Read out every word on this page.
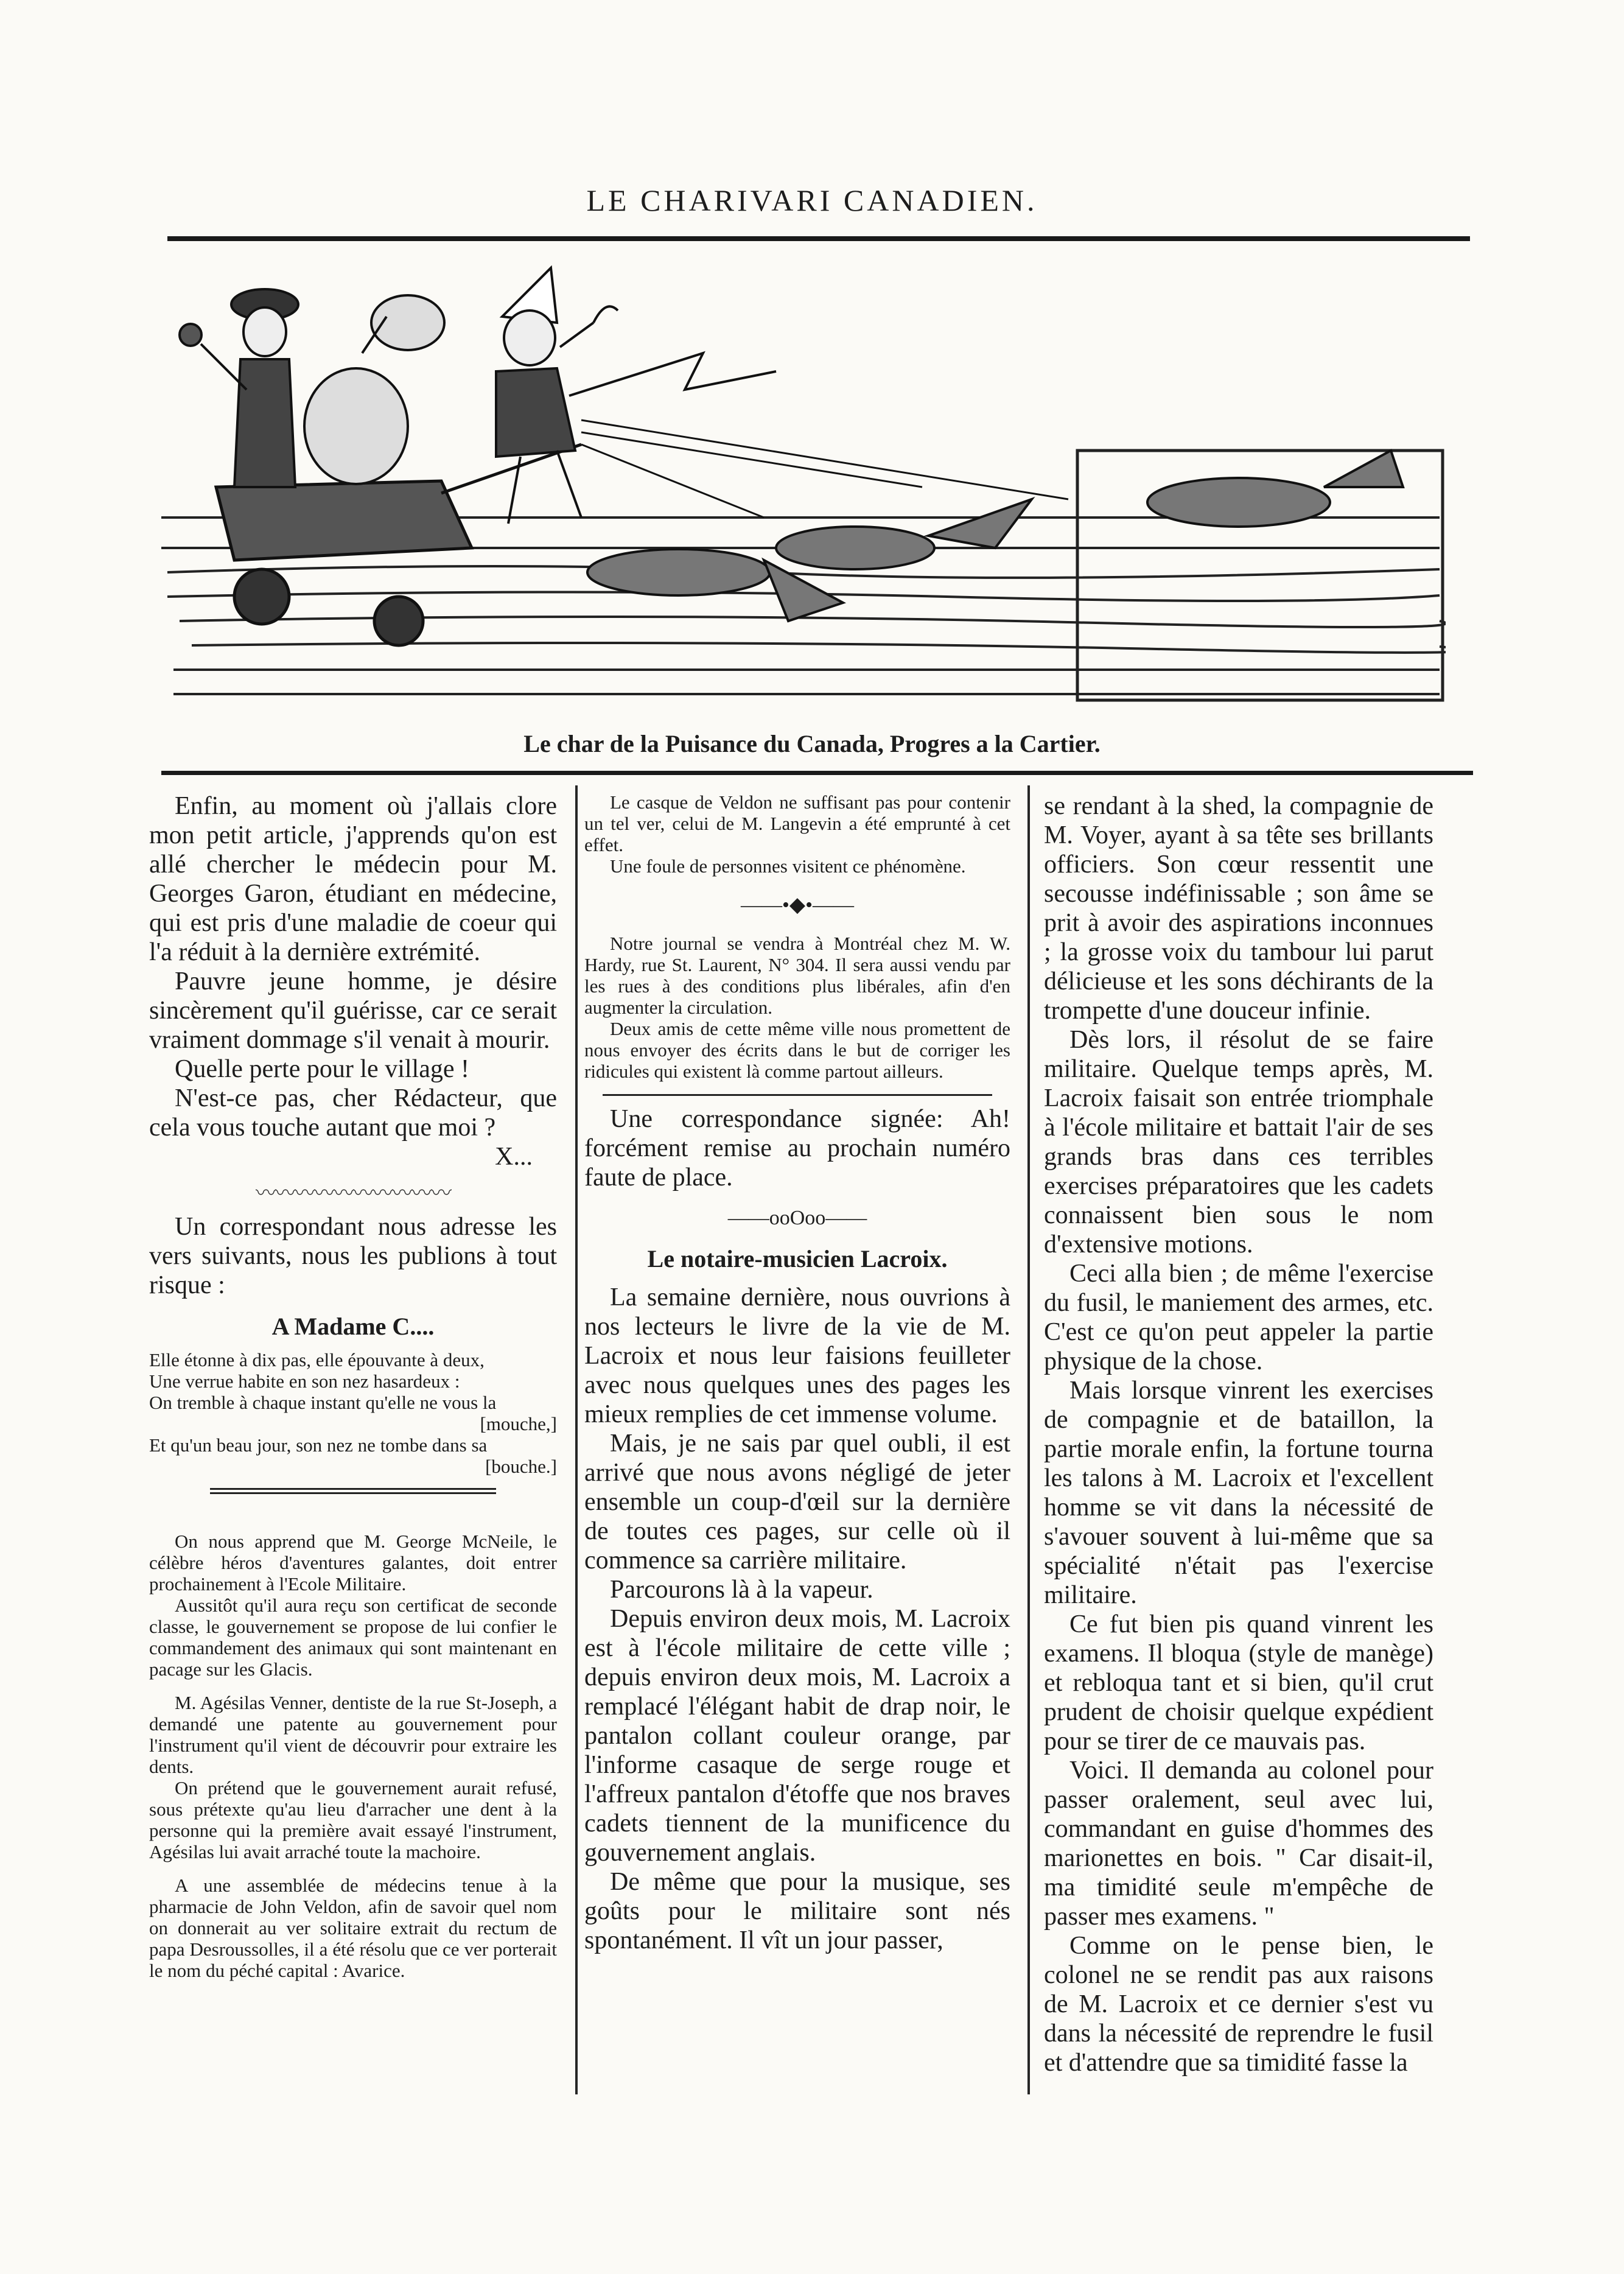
LE CHARIVARI CANADIEN.
Le char de la Puisance du Canada, Progres a la Cartier.

Enfin, au moment où j'allais clore mon petit article, j'apprends qu'on est allé chercher le médecin pour M. Georges Garon, étudiant en médecine, qui est pris d'une maladie de coeur qui l'a réduit à la dernière extrémité.

Pauvre jeune homme, je désire sincèrement qu'il guérisse, car ce serait vraiment dommage s'il venait à mourir.

Quelle perte pour le village !

N'est-ce pas, cher Rédacteur, que cela vous touche autant que moi ?

X...

〰〰〰〰〰〰〰〰〰〰

Un correspondant nous adresse les vers suivants, nous les publions à tout risque :

A Madame C....

Elle étonne à dix pas, elle épouvante à deux,

Une verrue habite en son nez hasardeux :

On tremble à chaque instant qu'elle ne vous la

[mouche,]

Et qu'un beau jour, son nez ne tombe dans sa

[bouche.]

On nous apprend que M. George McNeile, le célèbre héros d'aventures galantes, doit entrer prochainement à l'Ecole Militaire.

Aussitôt qu'il aura reçu son certificat de seconde classe, le gouvernement se propose de lui confier le commandement des animaux qui sont maintenant en pacage sur les Glacis.

M. Agésilas Venner, dentiste de la rue St-Joseph, a demandé une patente au gouvernement pour l'instrument qu'il vient de découvrir pour extraire les dents.

On prétend que le gouvernement aurait refusé, sous prétexte qu'au lieu d'arracher une dent à la personne qui la première avait essayé l'instrument, Agésilas lui avait arraché toute la machoire.

A une assemblée de médecins tenue à la pharmacie de John Veldon, afin de savoir quel nom on donnerait au ver solitaire extrait du rectum de papa Desroussolles, il a été résolu que ce ver porterait le nom du péché capital : Avarice.

Le casque de Veldon ne suffisant pas pour contenir un tel ver, celui de M. Langevin a été emprunté à cet effet.

Une foule de personnes visitent ce phénomène.

——•◆•——

Notre journal se vendra à Montréal chez M. W. Hardy, rue St. Laurent, N° 304. Il sera aussi vendu par les rues à des conditions plus libérales, afin d'en augmenter la circulation.

Deux amis de cette même ville nous promettent de nous envoyer des écrits dans le but de corriger les ridicules qui existent là comme partout ailleurs.

Une correspondance signée: Ah! forcément remise au prochain numéro faute de place.

——ooOoo——

Le notaire-musicien Lacroix.

La semaine dernière, nous ouvrions à nos lecteurs le livre de la vie de M. Lacroix et nous leur faisions feuilleter avec nous quelques unes des pages les mieux remplies de cet immense volume.

Mais, je ne sais par quel oubli, il est arrivé que nous avons négligé de jeter ensemble un coup-d'œil sur la dernière de toutes ces pages, sur celle où il commence sa carrière militaire.

Parcourons là à la vapeur.

Depuis environ deux mois, M. Lacroix est à l'école militaire de cette ville ; depuis environ deux mois, M. Lacroix a remplacé l'élégant habit de drap noir, le pantalon collant couleur orange, par l'informe casaque de serge rouge et l'affreux pantalon d'étoffe que nos braves cadets tiennent de la munificence du gouvernement anglais.

De même que pour la musique, ses goûts pour le militaire sont nés spontanément. Il vît un jour passer,

se rendant à la shed, la compagnie de M. Voyer, ayant à sa tête ses brillants officiers. Son cœur ressentit une secousse indéfinissable ; son âme se prit à avoir des aspirations inconnues ; la grosse voix du tambour lui parut délicieuse et les sons déchirants de la trompette d'une douceur infinie.

Dès lors, il résolut de se faire militaire. Quelque temps après, M. Lacroix faisait son entrée triomphale à l'école militaire et battait l'air de ses grands bras dans ces terribles exercises préparatoires que les cadets connaissent bien sous le nom d'extensive motions.

Ceci alla bien ; de même l'exercise du fusil, le maniement des armes, etc. C'est ce qu'on peut appeler la partie physique de la chose.

Mais lorsque vinrent les exercises de compagnie et de bataillon, la partie morale enfin, la fortune tourna les talons à M. Lacroix et l'excellent homme se vit dans la nécessité de s'avouer souvent à lui-même que sa spécialité n'était pas l'exercise militaire.

Ce fut bien pis quand vinrent les examens. Il bloqua (style de manège) et rebloqua tant et si bien, qu'il crut prudent de choisir quelque expédient pour se tirer de ce mauvais pas.

Voici. Il demanda au colonel pour passer oralement, seul avec lui, commandant en guise d'hommes des marionettes en bois. " Car disait-il, ma timidité seule m'empêche de passer mes examens. "

Comme on le pense bien, le colonel ne se rendit pas aux raisons de M. Lacroix et ce dernier s'est vu dans la nécessité de reprendre le fusil et d'attendre que sa timidité fasse la
